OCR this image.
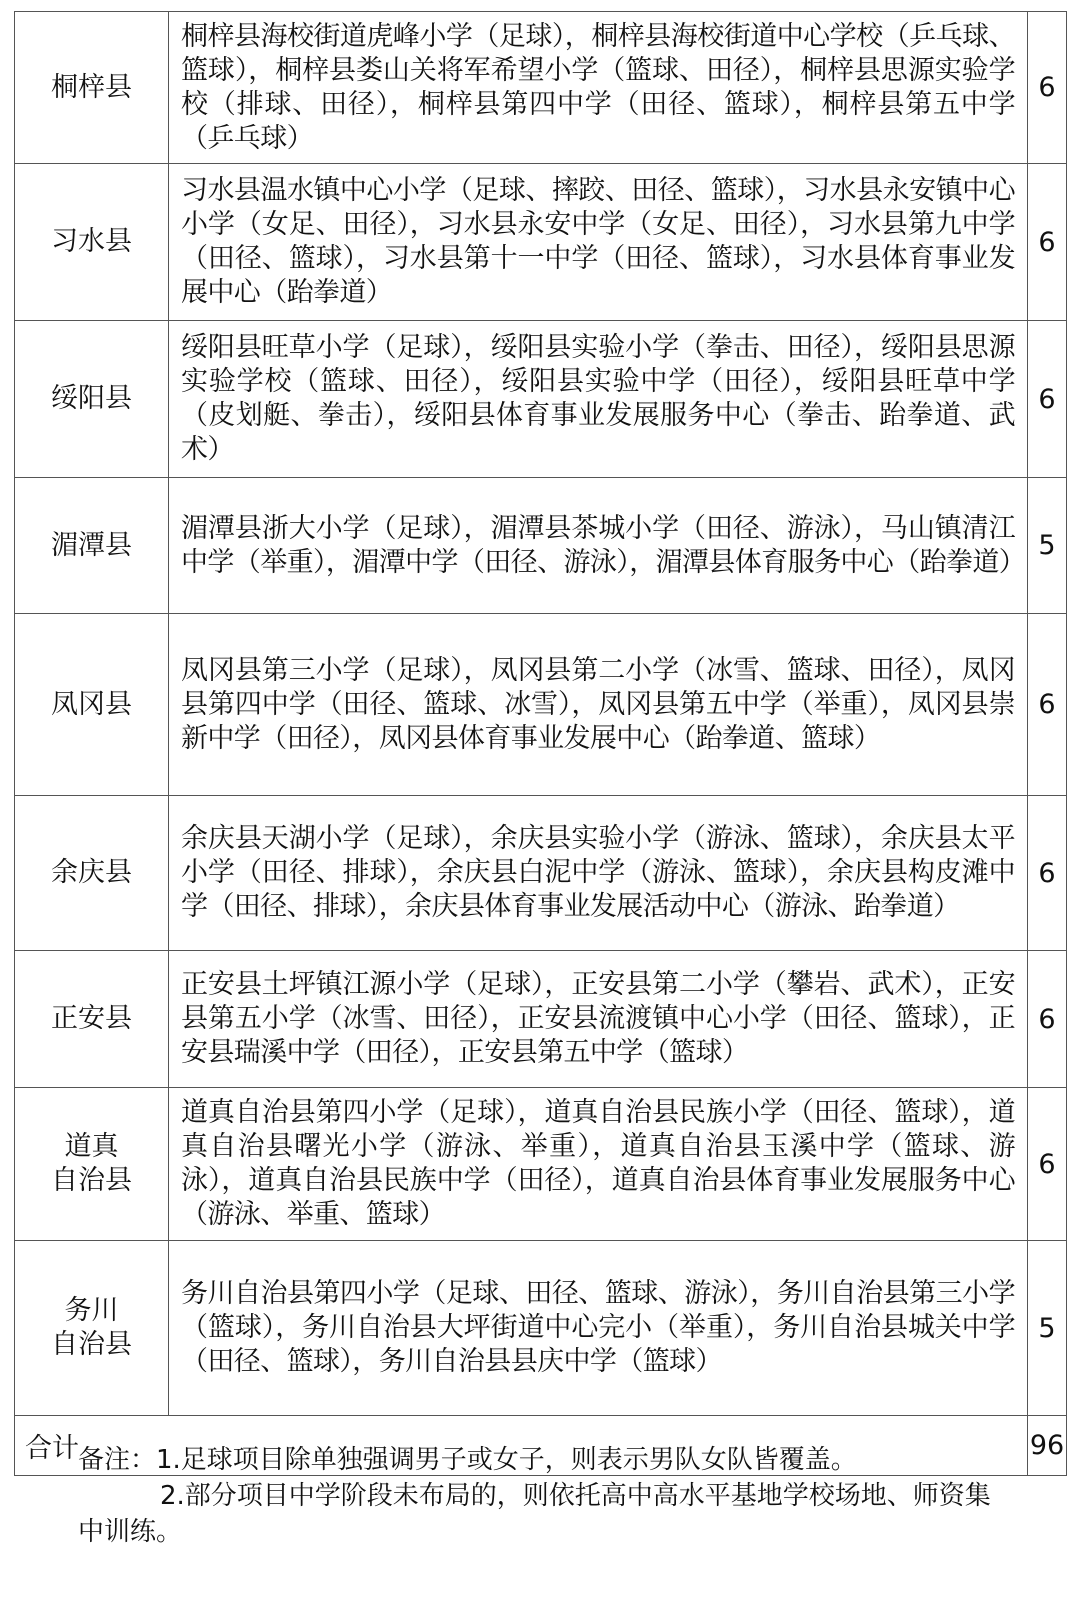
桐梓县	桐梓县海校街道虎峰小学（足球），桐梓县海校街道中心学校（乒乓球、篮球），桐梓县娄山关将军希望小学（篮球、田径），桐梓县思源实验学校（排球、田径），桐梓县第四中学（田径、篮球），桐梓县第五中学（乒乓球）	6
习水县	习水县温水镇中心小学（足球、摔跤、田径、篮球），习水县永安镇中心小学（女足、田径），习水县永安中学（女足、田径），习水县第九中学（田径、篮球），习水县第十一中学（田径、篮球），习水县体育事业发展中心（跆拳道）	6
绥阳县	绥阳县旺草小学（足球），绥阳县实验小学（拳击、田径），绥阳县思源实验学校（篮球、田径），绥阳县实验中学（田径），绥阳县旺草中学（皮划艇、拳击），绥阳县体育事业发展服务中心（拳击、跆拳道、武术）	6
湄潭县	湄潭县浙大小学（足球），湄潭县茶城小学（田径、游泳），马山镇清江中学（举重），湄潭中学（田径、游泳），湄潭县体育服务中心（跆拳道）	5
凤冈县	凤冈县第三小学（足球），凤冈县第二小学（冰雪、篮球、田径），凤冈县第四中学（田径、篮球、冰雪），凤冈县第五中学（举重），凤冈县崇新中学（田径），凤冈县体育事业发展中心（跆拳道、篮球）	6
余庆县	余庆县天湖小学（足球），余庆县实验小学（游泳、篮球），余庆县太平小学（田径、排球），余庆县白泥中学（游泳、篮球），余庆县构皮滩中学（田径、排球），余庆县体育事业发展活动中心（游泳、跆拳道）	6
正安县	正安县土坪镇江源小学（足球），正安县第二小学（攀岩、武术），正安县第五小学（冰雪、田径），正安县流渡镇中心小学（田径、篮球），正安县瑞溪中学（田径），正安县第五中学（篮球）	6

道真
自治县	道真自治县第四小学（足球），道真自治县民族小学（田径、篮球），道真自治县曙光小学（游泳、举重），道真自治县玉溪中学（篮球、游泳），道真自治县民族中学（田径），道真自治县体育事业发展服务中心（游泳、举重、篮球）	6

务川
自治县	务川自治县第四小学（足球、田径、篮球、游泳），务川自治县第三小学（篮球），务川自治县大坪街道中心完小（举重），务川自治县城关中学（田径、篮球），务川自治县县庆中学（篮球）	5
合计		96
备注：1.足球项目除单独强调男子或女子，则表示男队女队皆覆盖。
2.部分项目中学阶段未布局的，则依托高中高水平基地学校场地、师资集
中训练。
